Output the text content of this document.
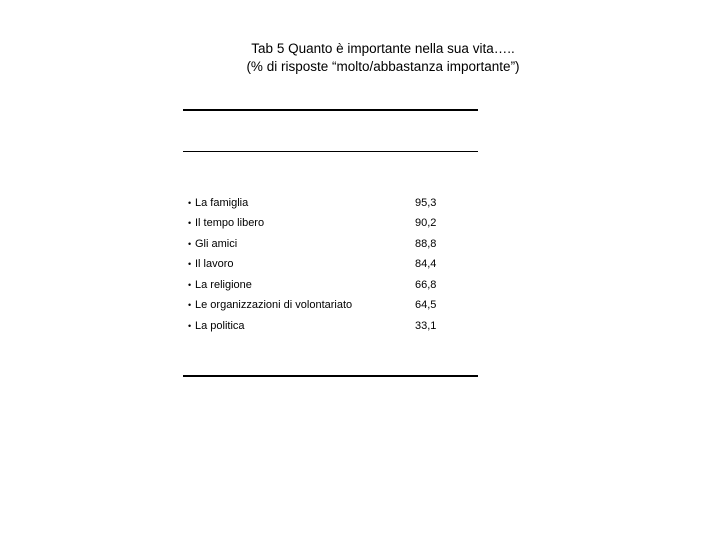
Tab 5 Quanto è importante nella sua vita…..
(% di risposte “molto/abbastanza importante”)
• La famiglia	95,3
• Il tempo libero	90,2
• Gli amici	88,8
• Il lavoro	84,4
• La religione	66,8
• Le organizzazioni di volontariato	64,5
• La politica	33,1
